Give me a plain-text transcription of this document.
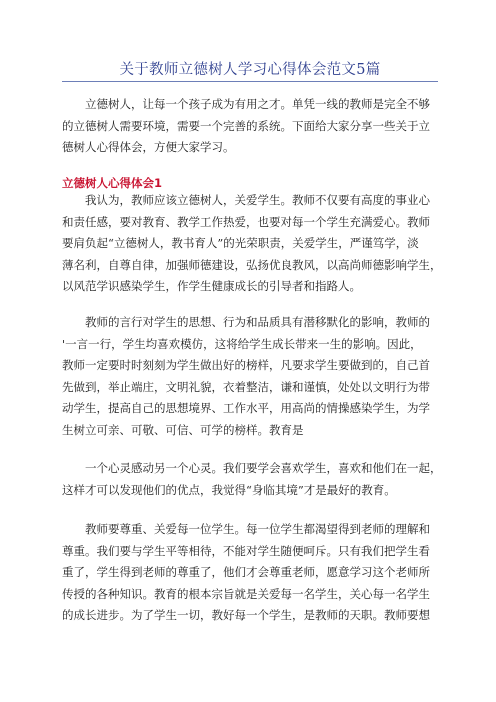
关于教师立德树人学习心得体会范文5篇
立德树人，让每一个孩子成为有用之才。单凭一线的教师是完全不够
的立德树人需要环境，需要一个完善的系统。下面给大家分享一些关于立
德树人心得体会，方便大家学习。
立德树人心得体会1
我认为，教师应该立德树人，关爱学生。教师不仅要有高度的事业心
和责任感，要对教育、教学工作热爱，也要对每一个学生充满爱心。教师
要肩负起“立德树人，教书育人”的光荣职责，关爱学生，严谨笃学，淡
薄名利，自尊自律，加强师德建设，弘扬优良教风，以高尚师德影响学生，
以风范学识感染学生，作学生健康成长的引导者和指路人。
教师的言行对学生的思想、行为和品质具有潜移默化的影响，教师的
'一言一行，学生均喜欢模仿，这将给学生成长带来一生的影响。因此，
教师一定要时时刻刻为学生做出好的榜样，凡要求学生要做到的，自己首
先做到，举止端庄，文明礼貌，衣着整洁，谦和谨慎，处处以文明行为带
动学生，提高自己的思想境界、工作水平，用高尚的情操感染学生，为学
生树立可亲、可敬、可信、可学的榜样。教育是
一个心灵感动另一个心灵。我们要学会喜欢学生，喜欢和他们在一起，
这样才可以发现他们的优点，我觉得“身临其境”才是最好的教育。
教师要尊重、关爱每一位学生。每一位学生都渴望得到老师的理解和
尊重。我们要与学生平等相待，不能对学生随便呵斥。只有我们把学生看
重了，学生得到老师的尊重了，他们才会尊重老师，愿意学习这个老师所
传授的各种知识。教育的根本宗旨就是关爱每一名学生，关心每一名学生
的成长进步。为了学生一切，教好每一个学生，是教师的天职。教师要想
